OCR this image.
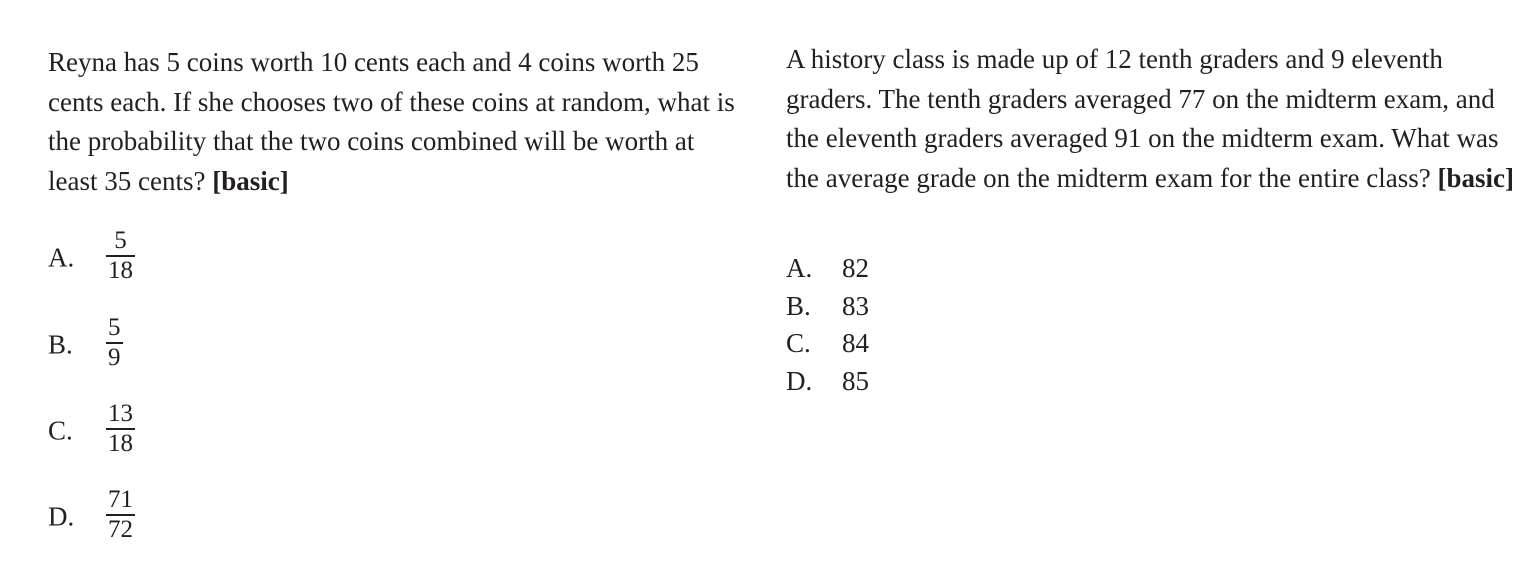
Reyna has 5 coins worth 10 cents each and 4 coins worth 25 cents each. If she chooses two of these coins at random, what is the probability that the two coins combined will be worth at least 35 cents? [basic]

A.
5
18
B.
5
9
C.
13
18
D.
71
72

A history class is made up of 12 tenth graders and 9 eleventh graders. The tenth graders averaged 77 on the midterm exam, and the eleventh graders averaged 91 on the midterm exam. What was the average grade on the midterm exam for the entire class? [basic]

A.	82
B.	83
C.	84
D.	85
